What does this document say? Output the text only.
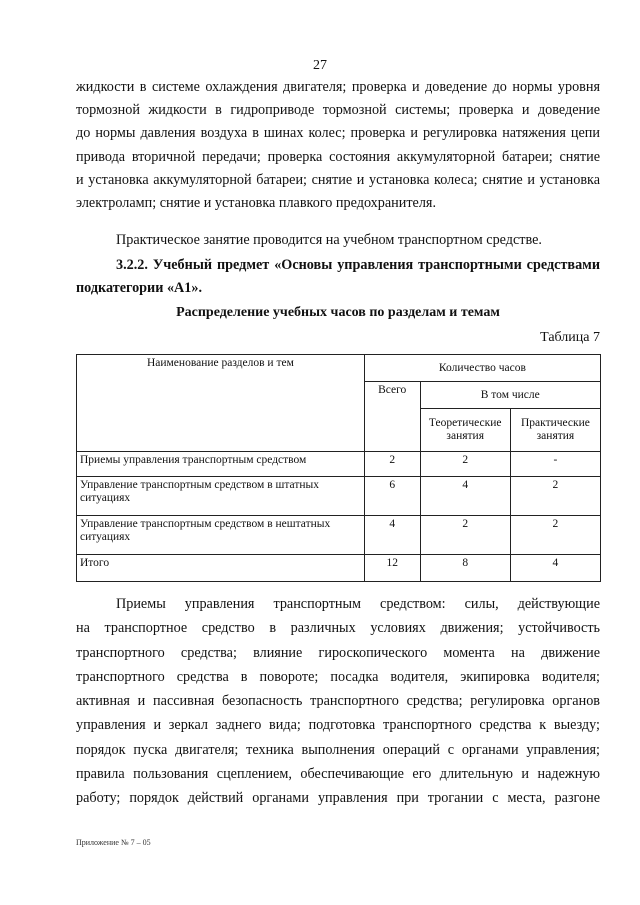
27
жидкости в системе охлаждения двигателя; проверка и доведение до нормы уровня
тормозной жидкости в гидроприводе тормозной системы; проверка и доведение
до нормы давления воздуха в шинах колес; проверка и регулировка натяжения цепи
привода вторичной передачи; проверка состояния аккумуляторной батареи; снятие
и установка аккумуляторной батареи; снятие и установка колеса; снятие и установка
электроламп; снятие и установка плавкого предохранителя.
Практическое занятие проводится на учебном транспортном средстве.
3.2.2. Учебный предмет «Основы управления транспортными средствами
подкатегории «А1».
Распределение учебных часов по разделам и темам
Таблица 7
Наименование разделов и тем	Количество часов		
	Всего	В том числе	
		Теоретические занятия	Практические занятия
Приемы управления транспортным средством	2	2	-
Управление транспортным средством в штатных ситуациях	6	4	2
Управление транспортным средством в нештатных ситуациях	4	2	2
Итого	12	8	4
Приемы управления транспортным средством: силы, действующие
на транспортное средство в различных условиях движения; устойчивость
транспортного средства; влияние гироскопического момента на движение
транспортного средства в повороте; посадка водителя, экипировка водителя;
активная и пассивная безопасность транспортного средства; регулировка органов
управления и зеркал заднего вида; подготовка транспортного средства к выезду;
порядок пуска двигателя; техника выполнения операций с органами управления;
правила пользования сцеплением, обеспечивающие его длительную и надежную
работу; порядок действий органами управления при трогании с места, разгоне
Приложение № 7 – 05
